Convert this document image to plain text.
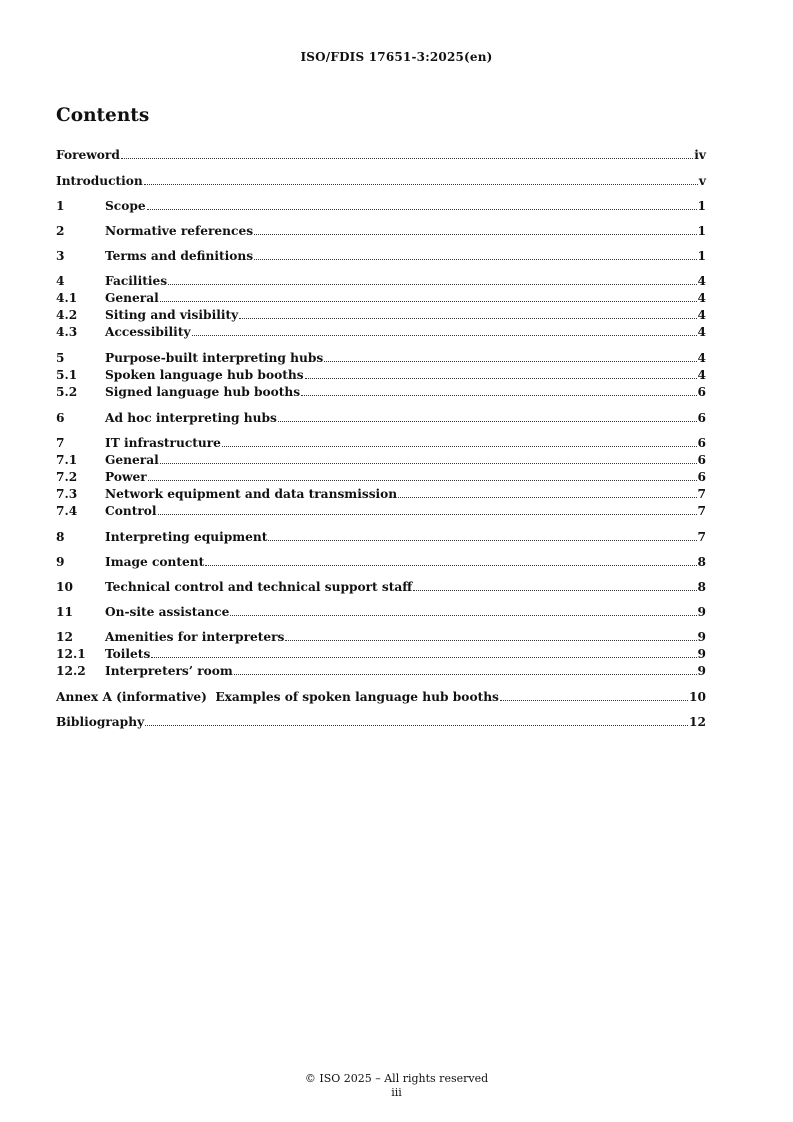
ISO/FDIS 17651-3:2025(en)
Contents
Foreword	iv
Introduction	v
1	Scope	1
2	Normative references	1
3	Terms and definitions	1
4	Facilities	4
4.1	General	4
4.2	Siting and visibility	4
4.3	Accessibility	4
5	Purpose-built interpreting hubs	4
5.1	Spoken language hub booths	4
5.2	Signed language hub booths	6
6	Ad hoc interpreting hubs	6
7	IT infrastructure	6
7.1	General	6
7.2	Power	6
7.3	Network equipment and data transmission	7
7.4	Control	7
8	Interpreting equipment	7
9	Image content	8
10	Technical control and technical support staff	8
11	On-site assistance	9
12	Amenities for interpreters	9
12.1	Toilets	9
12.2	Interpreters’ room	9
Annex A (informative)  Examples of spoken language hub booths	10
Bibliography	12
© ISO 2025 – All rights reserved
iii
